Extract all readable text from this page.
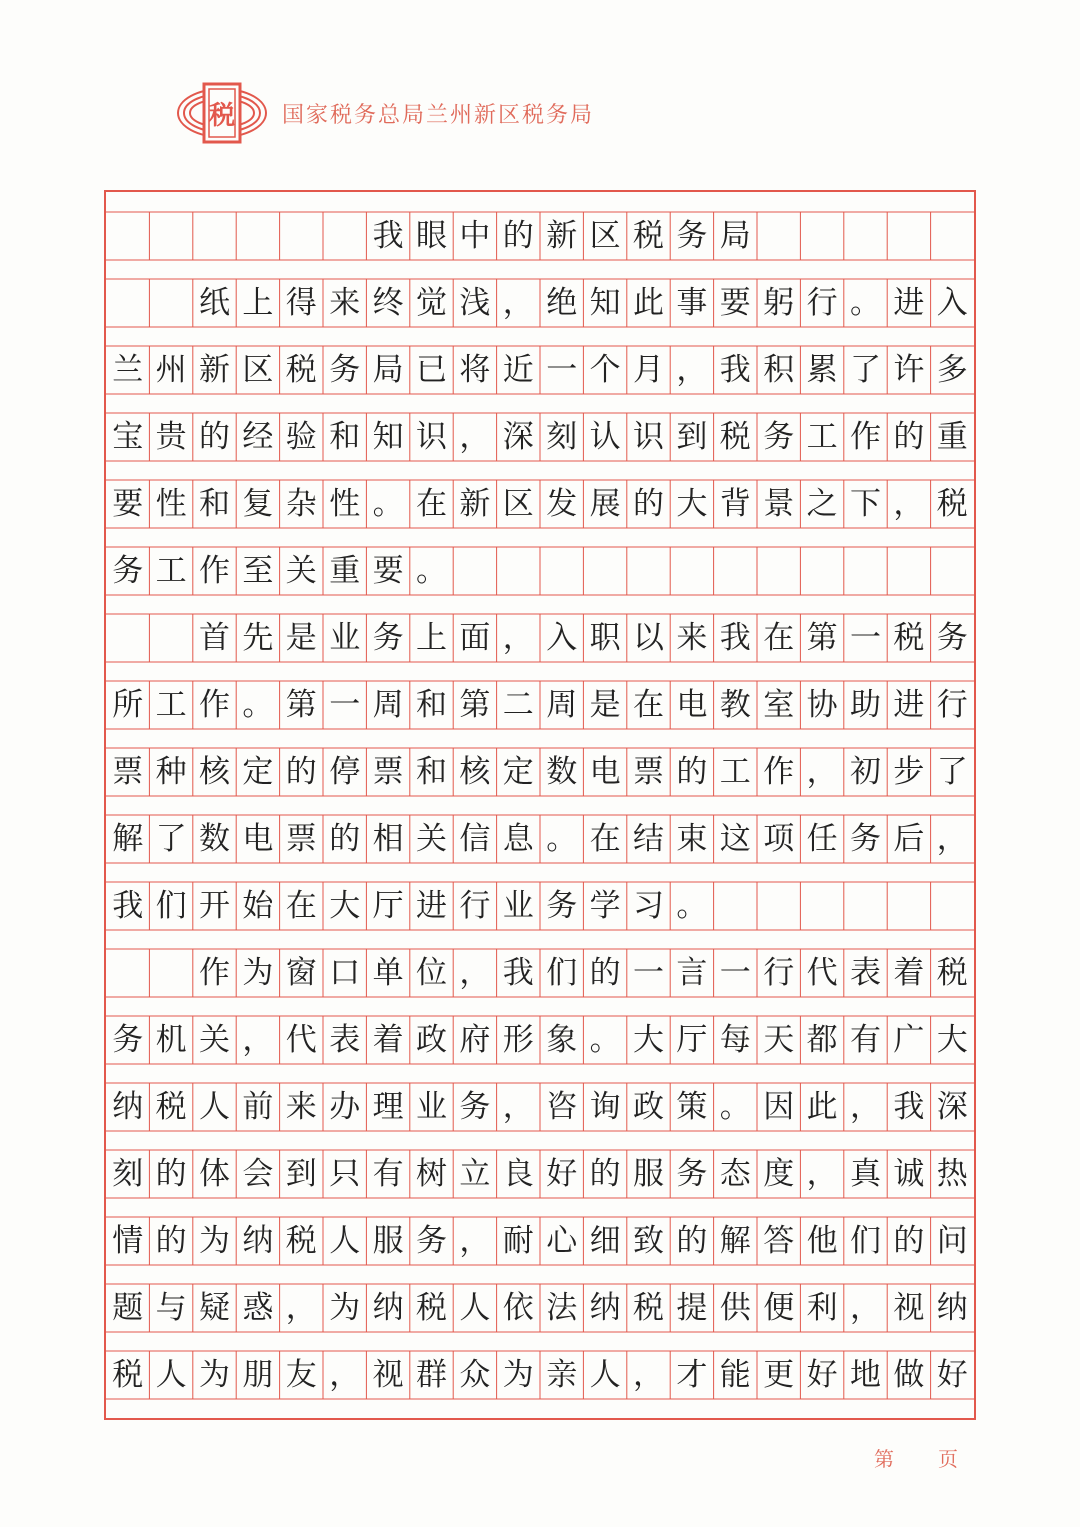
税 国家税务总局兰州新区税务局
我 眼 中 的 新 区 税 务 局
纸 上 得 来 终 觉 浅 ， 绝 知 此 事 要 躬 行 。 进 入
兰 州 新 区 税 务 局 已 将 近 一 个 月 ， 我 积 累 了 许 多
宝 贵 的 经 验 和 知 识 ， 深 刻 认 识 到 税 务 工 作 的 重
要 性 和 复 杂 性 。 在 新 区 发 展 的 大 背 景 之 下 ， 税
务 工 作 至 关 重 要 。
首 先 是 业 务 上 面 ， 入 职 以 来 我 在 第 一 税 务
所 工 作 。 第 一 周 和 第 二 周 是 在 电 教 室 协 助 进 行
票 种 核 定 的 停 票 和 核 定 数 电 票 的 工 作 ， 初 步 了
解 了 数 电 票 的 相 关 信 息 。 在 结 束 这 项 任 务 后 ，
我 们 开 始 在 大 厅 进 行 业 务 学 习 。
作 为 窗 口 单 位 ， 我 们 的 一 言 一 行 代 表 着 税
务 机 关 ， 代 表 着 政 府 形 象 。 大 厅 每 天 都 有 广 大
纳 税 人 前 来 办 理 业 务 ， 咨 询 政 策 。 因 此 ， 我 深
刻 的 体 会 到 只 有 树 立 良 好 的 服 务 态 度 ， 真 诚 热
情 的 为 纳 税 人 服 务 ， 耐 心 细 致 的 解 答 他 们 的 问
题 与 疑 惑 ， 为 纳 税 人 依 法 纳 税 提 供 便 利 ， 视 纳
税 人 为 朋 友 ， 视 群 众 为 亲 人 ， 才 能 更 好 地 做 好
第 页
